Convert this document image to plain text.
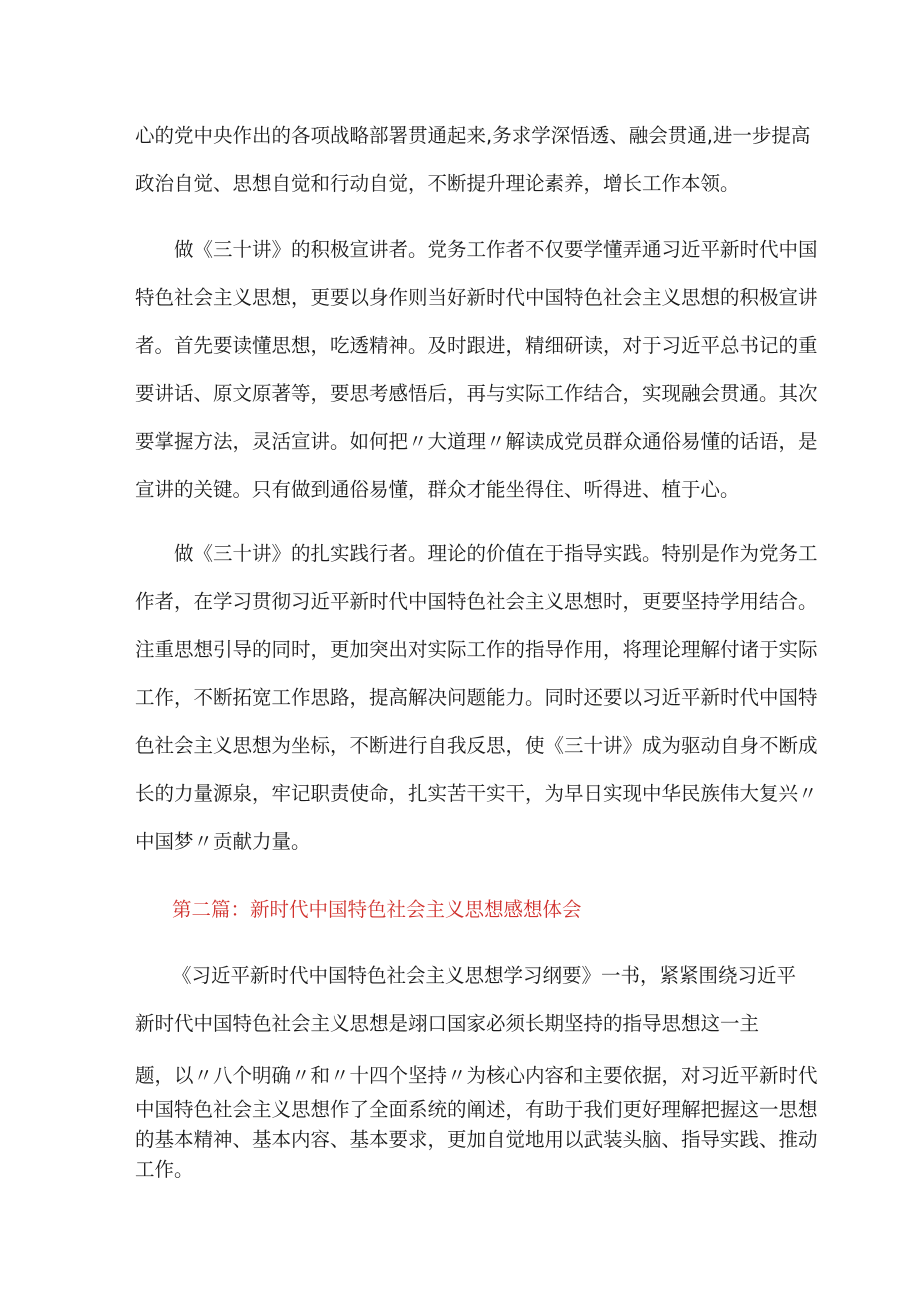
心的党中央作出的各项战略部署贯通起来,务求学深悟透、融会贯通,进一步提高

政治自觉、思想自觉和行动自觉，不断提升理论素养，增长工作本领。

做《三十讲》的积极宣讲者。党务工作者不仅要学懂弄通习近平新时代中国

特色社会主义思想，更要以身作则当好新时代中国特色社会主义思想的积极宣讲

者。首先要读懂思想，吃透精神。及时跟进，精细研读，对于习近平总书记的重

要讲话、原文原著等，要思考感悟后，再与实际工作结合，实现融会贯通。其次

要掌握方法，灵活宣讲。如何把〃大道理〃解读成党员群众通俗易懂的话语，是

宣讲的关键。只有做到通俗易懂，群众才能坐得住、听得进、植于心。

做《三十讲》的扎实践行者。理论的价值在于指导实践。特别是作为党务工

作者，在学习贯彻习近平新时代中国特色社会主义思想时，更要坚持学用结合。

注重思想引导的同时，更加突出对实际工作的指导作用，将理论理解付诸于实际

工作，不断拓宽工作思路，提高解决问题能力。同时还要以习近平新时代中国特

色社会主义思想为坐标，不断进行自我反思，使《三十讲》成为驱动自身不断成

长的力量源泉，牢记职责使命，扎实苦干实干，为早日实现中华民族伟大复兴〃

中国梦〃贡献力量。

第二篇：新时代中国特色社会主义思想感想体会

《习近平新时代中国特色社会主义思想学习纲要》一书，紧紧围绕习近平

新时代中国特色社会主义思想是翊口国家必须长期坚持的指导思想这一主

题，以〃八个明确〃和〃十四个坚持〃为核心内容和主要依据，对习近平新时代

中国特色社会主义思想作了全面系统的阐述，有助于我们更好理解把握这一思想

的基本精神、基本内容、基本要求，更加自觉地用以武装头脑、指导实践、推动

工作。
